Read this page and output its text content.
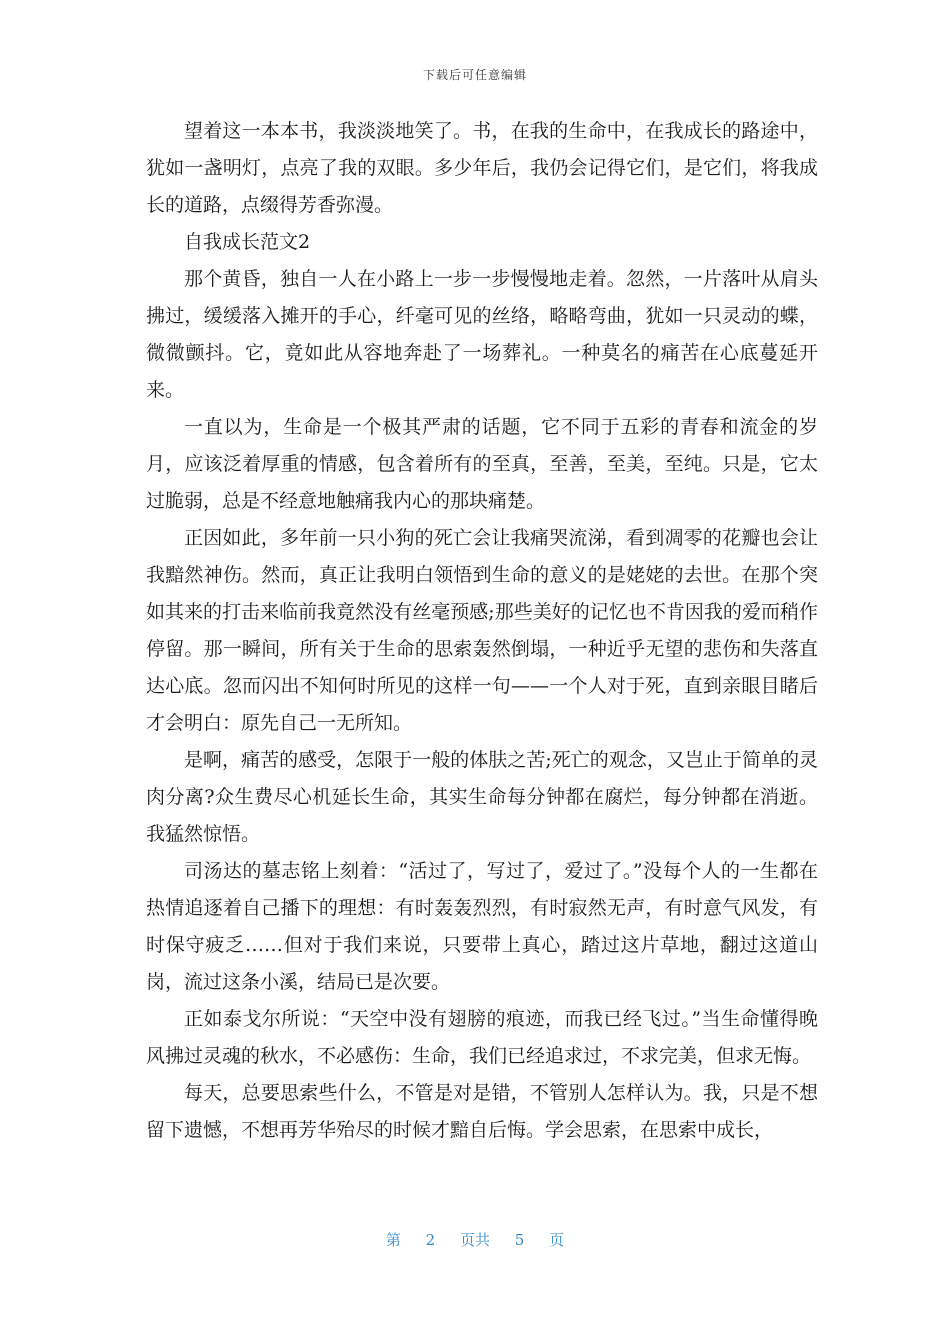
下载后可任意编辑

望着这一本本书，我淡淡地笑了。书，在我的生命中，在我成长的路途中，犹如一盏明灯，点亮了我的双眼。多少年后，我仍会记得它们，是它们，将我成长的道路，点缀得芳香弥漫。

自我成长范文2

那个黄昏，独自一人在小路上一步一步慢慢地走着。忽然，一片落叶从肩头拂过，缓缓落入摊开的手心，纤毫可见的丝络，略略弯曲，犹如一只灵动的蝶，微微颤抖。它，竟如此从容地奔赴了一场葬礼。一种莫名的痛苦在心底蔓延开来。

一直以为，生命是一个极其严肃的话题，它不同于五彩的青春和流金的岁月，应该泛着厚重的情感，包含着所有的至真，至善，至美，至纯。只是，它太过脆弱，总是不经意地触痛我内心的那块痛楚。

正因如此，多年前一只小狗的死亡会让我痛哭流涕，看到凋零的花瓣也会让我黯然神伤。然而，真正让我明白领悟到生命的意义的是姥姥的去世。在那个突如其来的打击来临前我竟然没有丝毫预感;那些美好的记忆也不肯因我的爱而稍作停留。那一瞬间，所有关于生命的思索轰然倒塌，一种近乎无望的悲伤和失落直达心底。忽而闪出不知何时所见的这样一句——一个人对于死，直到亲眼目睹后才会明白：原先自己一无所知。

是啊，痛苦的感受，怎限于一般的体肤之苦;死亡的观念，又岂止于简单的灵肉分离?众生费尽心机延长生命，其实生命每分钟都在腐烂，每分钟都在消逝。我猛然惊悟。

司汤达的墓志铭上刻着：“活过了，写过了，爱过了。”没每个人的一生都在热情追逐着自己播下的理想：有时轰轰烈烈，有时寂然无声，有时意气风发，有时保守疲乏……但对于我们来说，只要带上真心，踏过这片草地，翻过这道山岗，流过这条小溪，结局已是次要。

正如泰戈尔所说：“天空中没有翅膀的痕迹，而我已经飞过。”当生命懂得晚风拂过灵魂的秋水，不必感伤：生命，我们已经追求过，不求完美，但求无悔。

每天，总要思索些什么，不管是对是错，不管别人怎样认为。我，只是不想留下遗憾，不想再芳华殆尽的时候才黯自后悔。学会思索，在思索中成长，

第 2 页共 5 页
